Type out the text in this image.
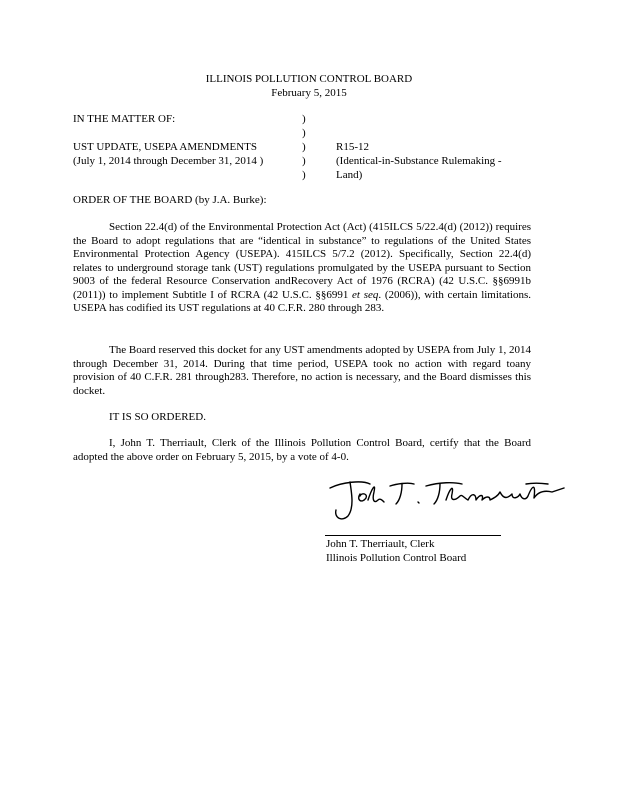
ILLINOIS POLLUTION CONTROL BOARD
February 5, 2015
IN THE MATTER OF:
UST UPDATE, USEPA AMENDMENTS
(July 1, 2014 through December 31, 2014 )
)
)
)
)
)
R15-12
(Identical-in-Substance Rulemaking -
Land)
ORDER OF THE BOARD (by J.A. Burke):
Section 22.4(d) of the Environmental Protection Act (Act) (415ILCS 5/22.4(d) (2012)) requires the Board to adopt regulations that are “identical in substance” to regulations of the United States Environmental Protection Agency (USEPA). 415ILCS 5/7.2 (2012). Specifically, Section 22.4(d) relates to underground storage tank (UST) regulations promulgated by the USEPA pursuant to Section 9003 of the federal Resource Conservation andRecovery Act of 1976 (RCRA) (42 U.S.C. §§6991b (2011)) to implement Subtitle I of RCRA (42 U.S.C. §§6991 et seq. (2006)), with certain limitations. USEPA has codified its UST regulations at 40 C.F.R. 280 through 283.
The Board reserved this docket for any UST amendments adopted by USEPA from July 1, 2014 through December 31, 2014. During that time period, USEPA took no action with regard toany provision of 40 C.F.R. 281 through283. Therefore, no action is necessary, and the Board dismisses this docket.
IT IS SO ORDERED.
I, John T. Therriault, Clerk of the Illinois Pollution Control Board, certify that the Board adopted the above order on February 5, 2015, by a vote of 4-0.
John T. Therriault, Clerk
Illinois Pollution Control Board
